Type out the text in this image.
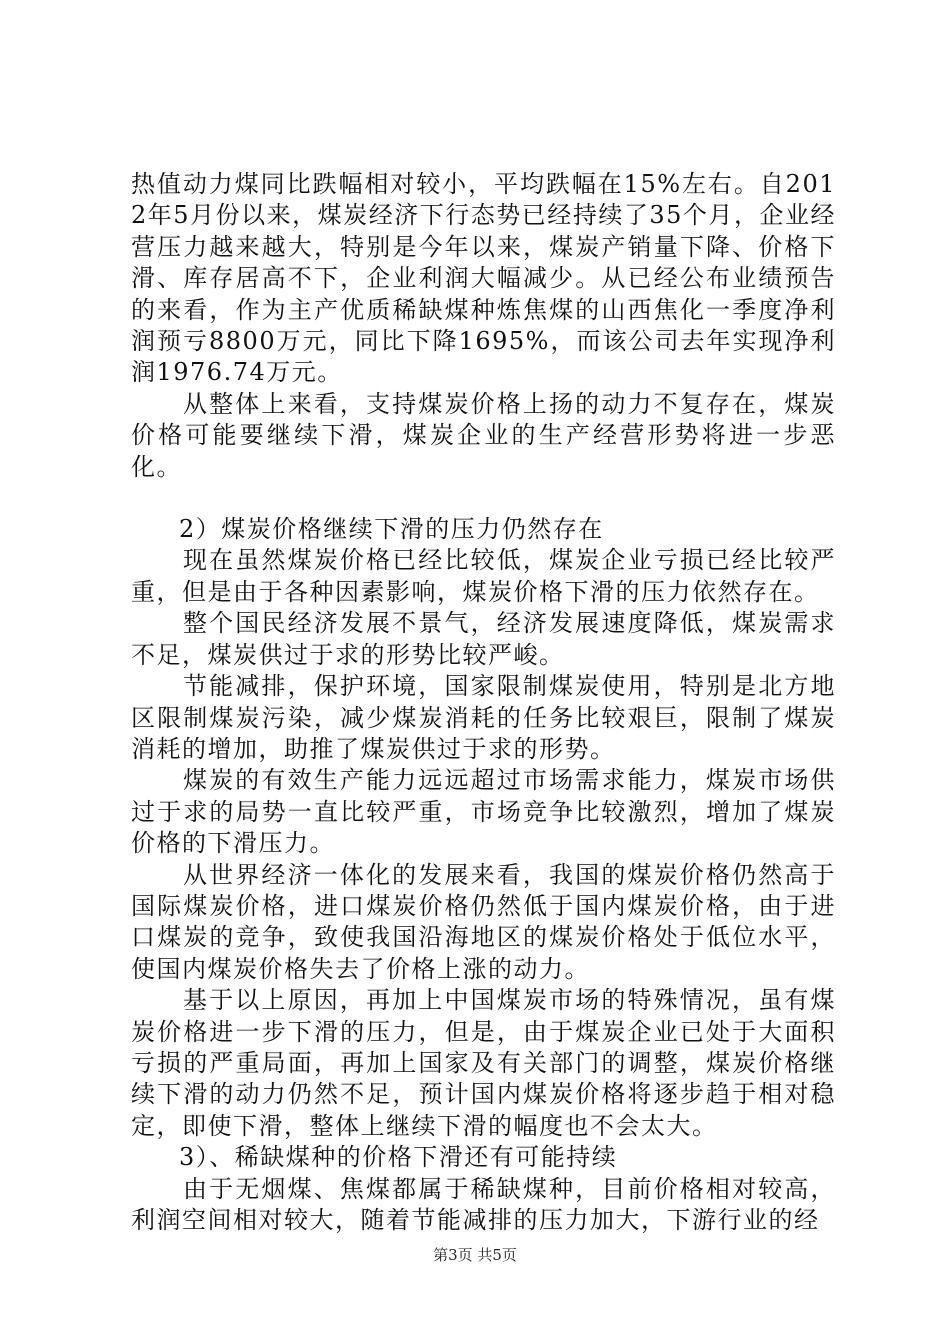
热值动力煤同比跌幅相对较小，平均跌幅在15%左右。自2012年5月份以来，煤炭经济下行态势已经持续了35个月，企业经营压力越来越大，特别是今年以来，煤炭产销量下降、价格下滑、库存居高不下，企业利润大幅减少。从已经公布业绩预告的来看，作为主产优质稀缺煤种炼焦煤的山西焦化一季度净利润预亏8800万元，同比下降1695%，而该公司去年实现净利润1976.74万元。

从整体上来看，支持煤炭价格上扬的动力不复存在，煤炭价格可能要继续下滑，煤炭企业的生产经营形势将进一步恶化。

2）煤炭价格继续下滑的压力仍然存在

现在虽然煤炭价格已经比较低，煤炭企业亏损已经比较严重，但是由于各种因素影响，煤炭价格下滑的压力依然存在。

整个国民经济发展不景气，经济发展速度降低，煤炭需求不足，煤炭供过于求的形势比较严峻。

节能减排，保护环境，国家限制煤炭使用，特别是北方地区限制煤炭污染，减少煤炭消耗的任务比较艰巨，限制了煤炭消耗的增加，助推了煤炭供过于求的形势。

煤炭的有效生产能力远远超过市场需求能力，煤炭市场供过于求的局势一直比较严重，市场竞争比较激烈，增加了煤炭价格的下滑压力。

从世界经济一体化的发展来看，我国的煤炭价格仍然高于国际煤炭价格，进口煤炭价格仍然低于国内煤炭价格，由于进口煤炭的竞争，致使我国沿海地区的煤炭价格处于低位水平，使国内煤炭价格失去了价格上涨的动力。

基于以上原因，再加上中国煤炭市场的特殊情况，虽有煤炭价格进一步下滑的压力，但是，由于煤炭企业已处于大面积亏损的严重局面，再加上国家及有关部门的调整，煤炭价格继续下滑的动力仍然不足，预计国内煤炭价格将逐步趋于相对稳定，即使下滑，整体上继续下滑的幅度也不会太大。

3）、稀缺煤种的价格下滑还有可能持续

由于无烟煤、焦煤都属于稀缺煤种，目前价格相对较高，利润空间相对较大，随着节能减排的压力加大，下游行业的经

第3页 共5页
